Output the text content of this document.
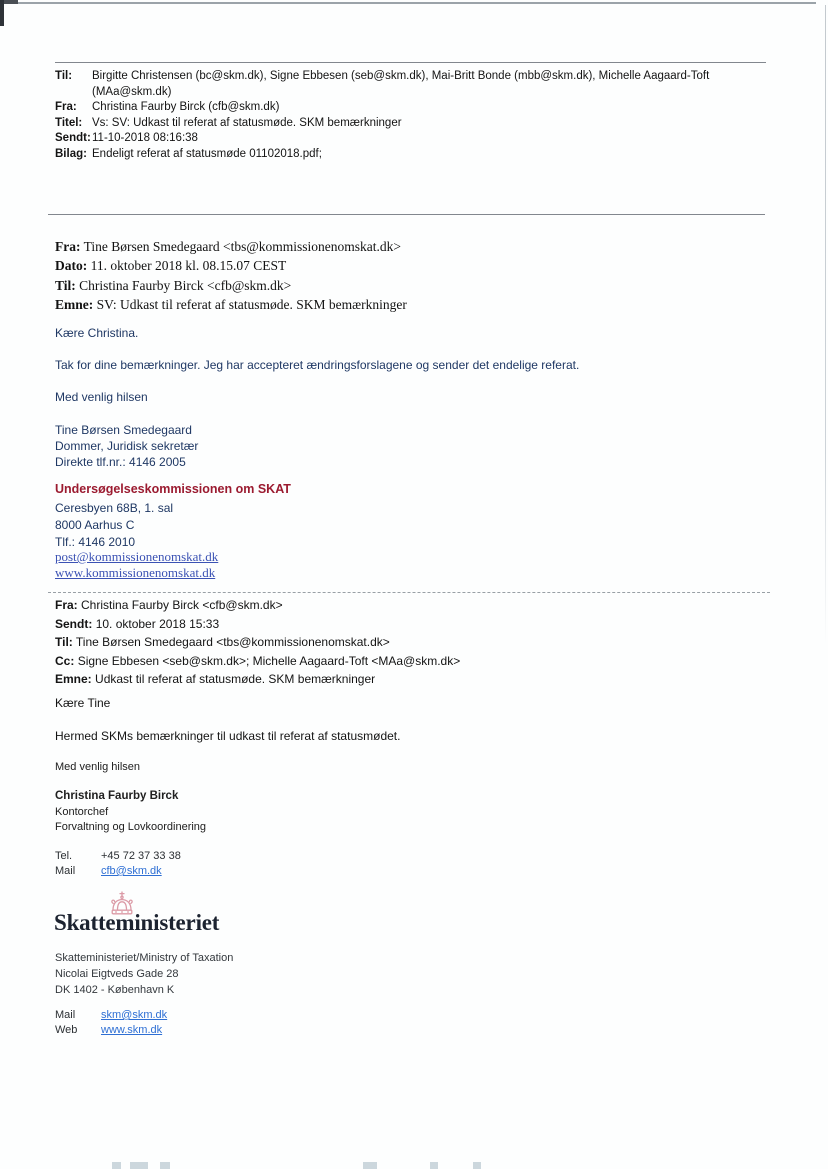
Til:	Birgitte Christensen (bc@skm.dk), Signe Ebbesen (seb@skm.dk), Mai-Britt Bonde (mbb@skm.dk), Michelle Aagaard-Toft (MAa@skm.dk)
Fra:	Christina Faurby Birck (cfb@skm.dk)
Titel: Vs: SV: Udkast til referat af statusmøde. SKM bemærkninger
Sendt: 11-10-2018 08:16:38
Bilag: Endeligt referat af statusmøde 01102018.pdf;
Fra: Tine Børsen Smedegaard <tbs@kommissionenomskat.dk>
Dato: 11. oktober 2018 kl. 08.15.07 CEST
Til: Christina Faurby Birck <cfb@skm.dk>
Emne: SV: Udkast til referat af statusmøde. SKM bemærkninger
Kære Christina.
Tak for dine bemærkninger. Jeg har accepteret ændringsforslagene og sender det endelige referat.
Med venlig hilsen
Tine Børsen Smedegaard
Dommer, Juridisk sekretær
Direkte tlf.nr.: 4146 2005
Undersøgelseskommissionen om SKAT
Ceresbyen 68B, 1. sal
8000 Aarhus C
Tlf.: 4146 2010
post@kommissionenomskat.dk
www.kommissionenomskat.dk
Fra: Christina Faurby Birck <cfb@skm.dk>
Sendt: 10. oktober 2018 15:33
Til: Tine Børsen Smedegaard <tbs@kommissionenomskat.dk>
Cc: Signe Ebbesen <seb@skm.dk>; Michelle Aagaard-Toft <MAa@skm.dk>
Emne: Udkast til referat af statusmøde. SKM bemærkninger
Kære Tine
Hermed SKMs bemærkninger til udkast til referat af statusmødet.
Med venlig hilsen
Christina Faurby Birck
Kontorchef
Forvaltning og Lovkoordinering
Tel.	+45 72 37 33 38
Mail	cfb@skm.dk
Skatteministeriet
Skatteministeriet/Ministry of Taxation
Nicolai Eigtveds Gade 28
DK 1402 - København K
Mail	skm@skm.dk
Web	www.skm.dk
